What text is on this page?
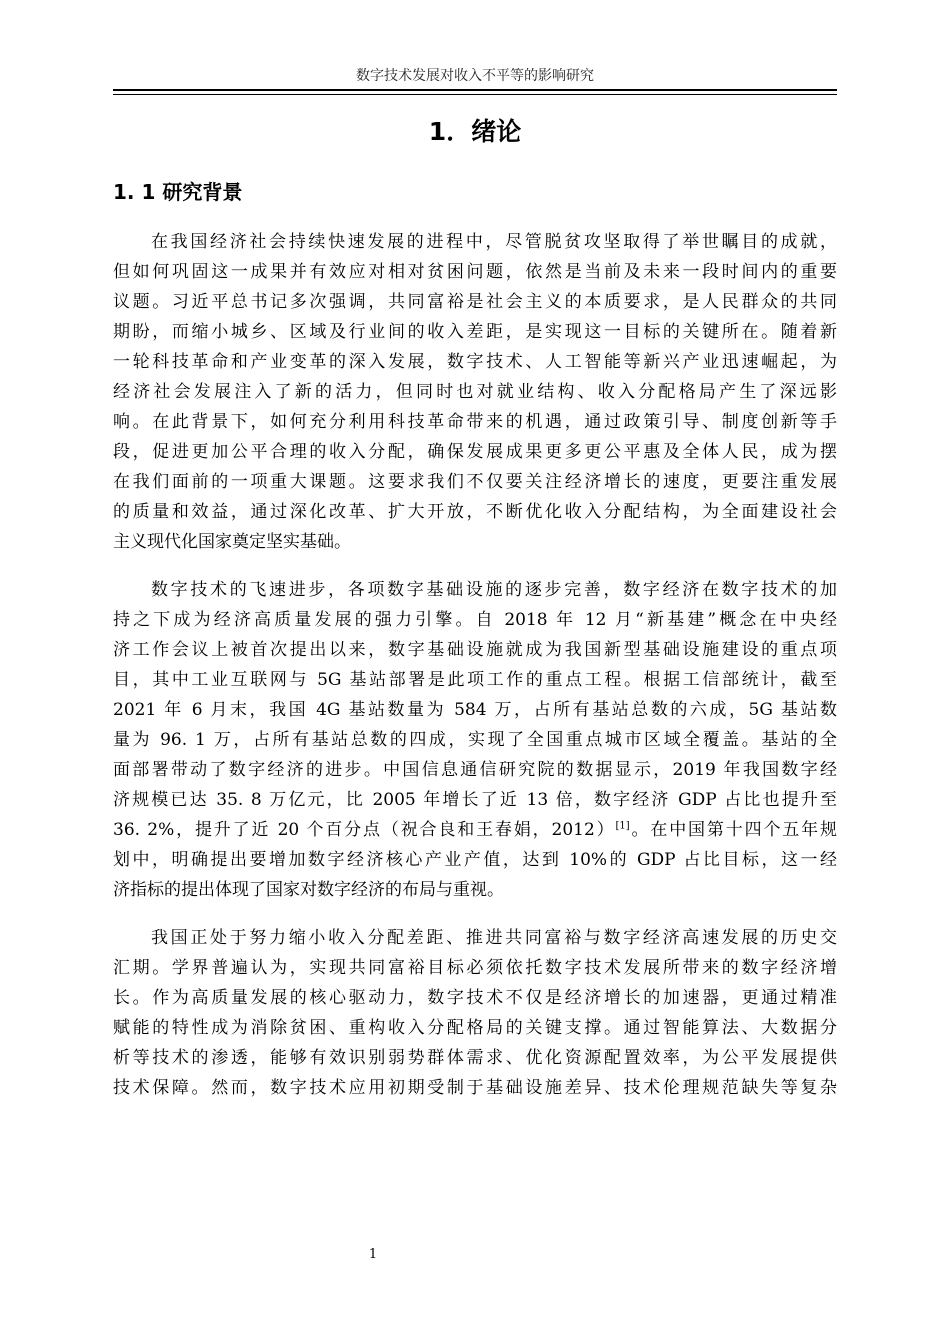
数字技术发展对收入不平等的影响研究
1．绪论
1. 1 研究背景
在我国经济社会持续快速发展的进程中，尽管脱贫攻坚取得了举世瞩目的成就，
但如何巩固这一成果并有效应对相对贫困问题，依然是当前及未来一段时间内的重要
议题。习近平总书记多次强调，共同富裕是社会主义的本质要求，是人民群众的共同
期盼，而缩小城乡、区域及行业间的收入差距，是实现这一目标的关键所在。随着新
一轮科技革命和产业变革的深入发展，数字技术、人工智能等新兴产业迅速崛起，为
经济社会发展注入了新的活力，但同时也对就业结构、收入分配格局产生了深远影
响。在此背景下，如何充分利用科技革命带来的机遇，通过政策引导、制度创新等手
段，促进更加公平合理的收入分配，确保发展成果更多更公平惠及全体人民，成为摆
在我们面前的一项重大课题。这要求我们不仅要关注经济增长的速度，更要注重发展
的质量和效益，通过深化改革、扩大开放，不断优化收入分配结构，为全面建设社会
主义现代化国家奠定坚实基础。
数字技术的飞速进步，各项数字基础设施的逐步完善，数字经济在数字技术的加
持之下成为经济高质量发展的强力引擎。自 2018 年 12 月“新基建”概念在中央经
济工作会议上被首次提出以来，数字基础设施就成为我国新型基础设施建设的重点项
目，其中工业互联网与 5G 基站部署是此项工作的重点工程。根据工信部统计，截至
2021 年 6 月末，我国 4G 基站数量为 584 万，占所有基站总数的六成，5G 基站数
量为 96. 1 万，占所有基站总数的四成，实现了全国重点城市区域全覆盖。基站的全
面部署带动了数字经济的进步。中国信息通信研究院的数据显示，2019 年我国数字经
济规模已达 35. 8 万亿元，比 2005 年增长了近 13 倍，数字经济 GDP 占比也提升至
36. 2%，提升了近 20 个百分点（祝合良和王春娟，2012）[1]。在中国第十四个五年规
划中，明确提出要增加数字经济核心产业产值，达到 10%的 GDP 占比目标，这一经
济指标的提出体现了国家对数字经济的布局与重视。
我国正处于努力缩小收入分配差距、推进共同富裕与数字经济高速发展的历史交
汇期。学界普遍认为，实现共同富裕目标必须依托数字技术发展所带来的数字经济增
长。作为高质量发展的核心驱动力，数字技术不仅是经济增长的加速器，更通过精准
赋能的特性成为消除贫困、重构收入分配格局的关键支撑。通过智能算法、大数据分
析等技术的渗透，能够有效识别弱势群体需求、优化资源配置效率，为公平发展提供
技术保障。然而，数字技术应用初期受制于基础设施差异、技术伦理规范缺失等复杂
1
